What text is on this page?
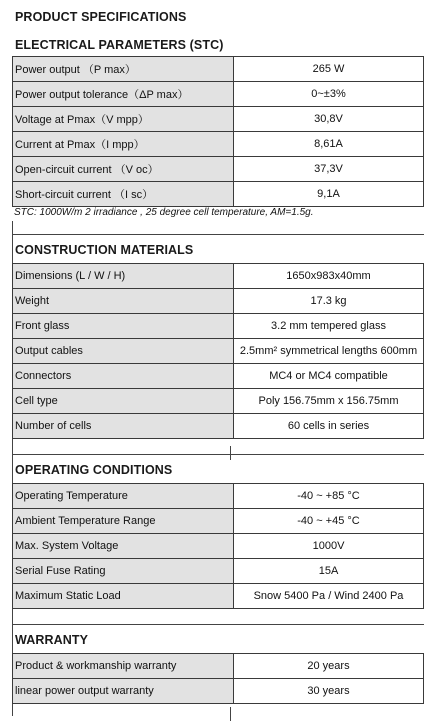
PRODUCT SPECIFICATIONS
ELECTRICAL PARAMETERS (STC)
Power output （P max）	265 W
Power output tolerance（ΔP max）	0~±3%
Voltage at Pmax（V mpp）	30,8V
Current at Pmax（I mpp）	8,61A
Open-circuit current （V oc）	37,3V
Short-circuit current （I sc）	9,1A
STC: 1000W/m 2 irradiance , 25 degree cell temperature, AM=1.5g.
CONSTRUCTION MATERIALS
Dimensions (L / W / H)	1650x983x40mm
Weight	17.3 kg
Front glass	3.2 mm tempered glass
Output cables	2.5mm² symmetrical lengths 600mm
Connectors	MC4 or MC4 compatible
Cell type	Poly 156.75mm x 156.75mm
Number of cells	60 cells in series
OPERATING CONDITIONS
Operating Temperature	-40 ~ +85 °C
Ambient Temperature Range	-40 ~ +45 °C
Max. System Voltage	1000V
Serial Fuse Rating	15A
Maximum Static Load	Snow 5400 Pa / Wind 2400 Pa
WARRANTY
Product & workmanship warranty	20 years
linear power output warranty	30 years
